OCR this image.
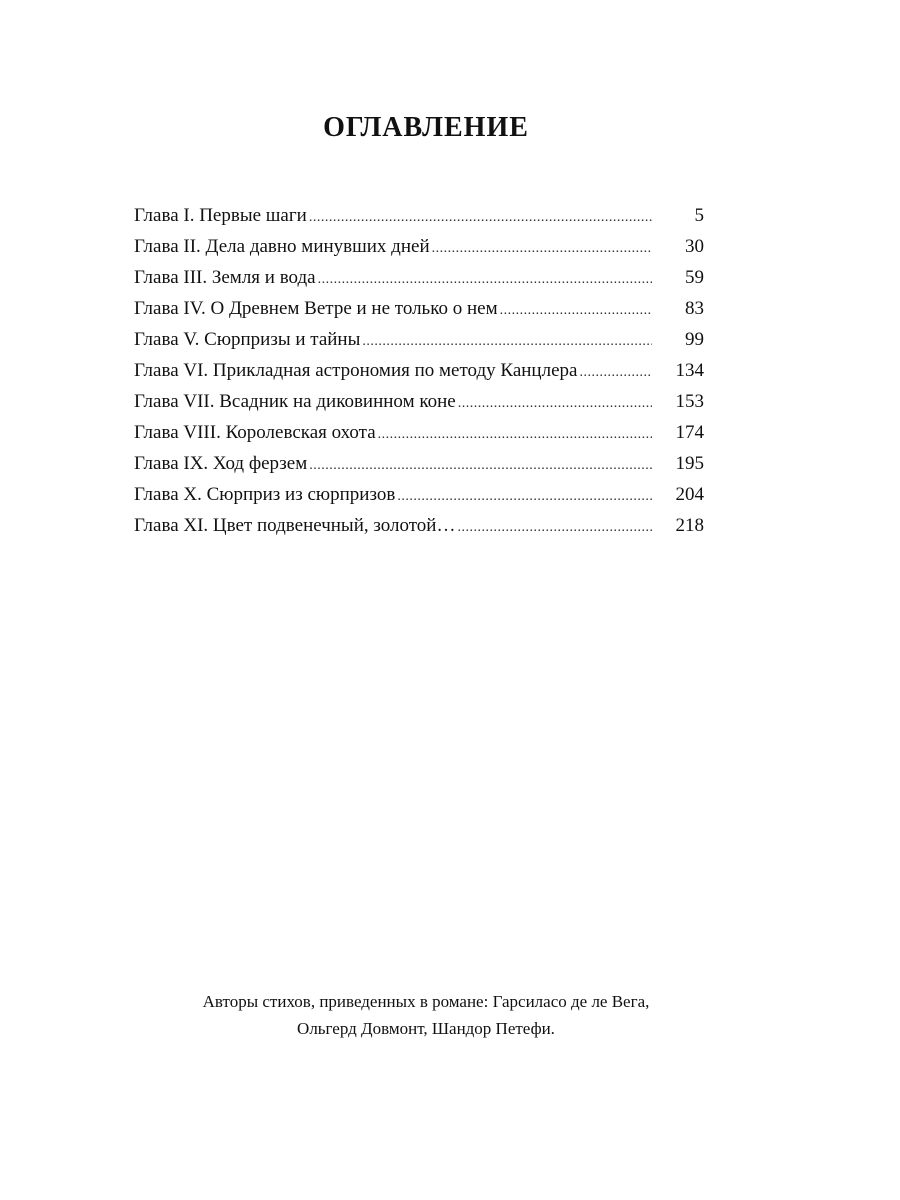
ОГЛАВЛЕНИЕ
Глава I. Первые шаги .....	5
Глава II. Дела давно минувших дней .....	30
Глава III. Земля и вода .....	59
Глава IV. О Древнем Ветре и не только о нем .....	83
Глава V. Сюрпризы и тайны .....	99
Глава VI. Прикладная астрономия по методу Канцлера .....	134
Глава VII. Всадник на диковинном коне .....	153
Глава VIII. Королевская охота .....	174
Глава IX. Ход ферзем .....	195
Глава X. Сюрприз из сюрпризов .....	204
Глава XI. Цвет подвенечный, золотой… .....	218

Авторы стихов, приведенных в романе: Гарсиласо де ле Вега,
Ольгерд Довмонт, Шандор Петефи.
